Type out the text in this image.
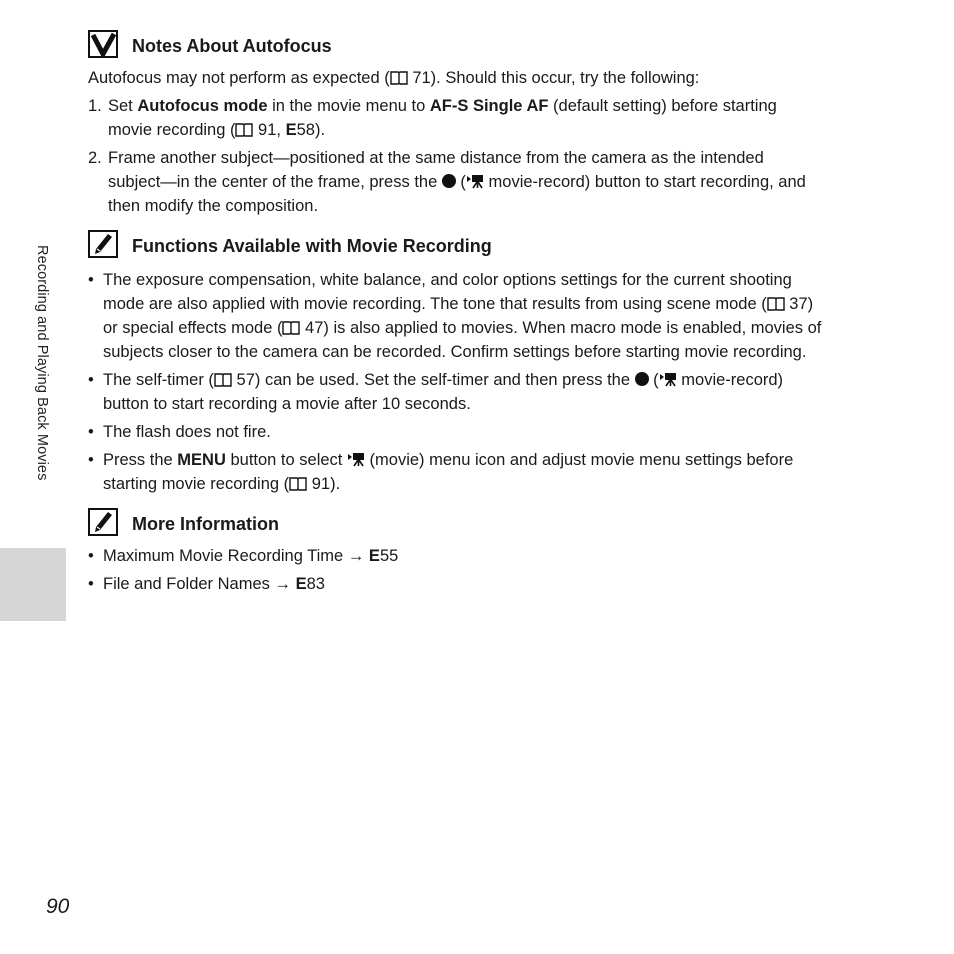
Recording and Playing Back Movies
Notes About Autofocus
Autofocus may not perform as expected ( 71). Should this occur, try the following:
1. Set Autofocus mode in the movie menu to AF-S Single AF (default setting) before starting
movie recording ( 91, E58).
2. Frame another subject—positioned at the same distance from the camera as the intended
subject—in the center of the frame, press the  ( movie-record) button to start recording, and
then modify the composition.
Functions Available with Movie Recording
• The exposure compensation, white balance, and color options settings for the current shooting
mode are also applied with movie recording. The tone that results from using scene mode ( 37)
or special effects mode ( 47) is also applied to movies. When macro mode is enabled, movies of
subjects closer to the camera can be recorded. Confirm settings before starting movie recording.
• The self-timer ( 57) can be used. Set the self-timer and then press the  ( movie-record)
button to start recording a movie after 10 seconds.
• The flash does not fire.
• Press the MENU button to select  (movie) menu icon and adjust movie menu settings before
starting movie recording ( 91).
More Information
• Maximum Movie Recording Time → E55
• File and Folder Names → E83
90
